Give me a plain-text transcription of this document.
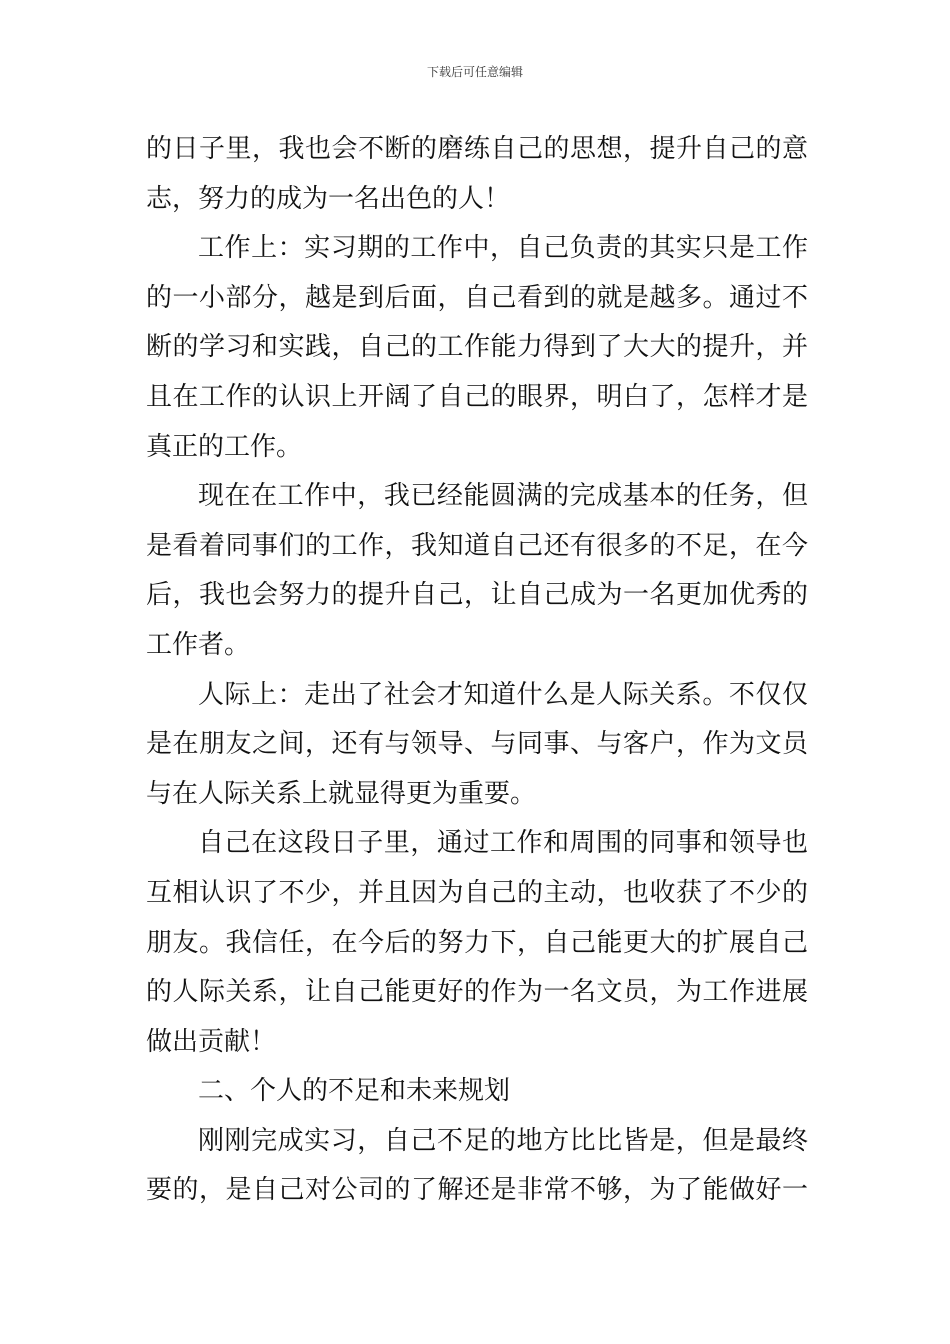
下载后可任意编辑
的日子里，我也会不断的磨练自己的思想，提升自己的意
志，努力的成为一名出色的人！
工作上：实习期的工作中，自己负责的其实只是工作
的一小部分，越是到后面，自己看到的就是越多。通过不
断的学习和实践，自己的工作能力得到了大大的提升，并
且在工作的认识上开阔了自己的眼界，明白了，怎样才是
真正的工作。
现在在工作中，我已经能圆满的完成基本的任务，但
是看着同事们的工作，我知道自己还有很多的不足，在今
后，我也会努力的提升自己，让自己成为一名更加优秀的
工作者。
人际上：走出了社会才知道什么是人际关系。不仅仅
是在朋友之间，还有与领导、与同事、与客户，作为文员
与在人际关系上就显得更为重要。
自己在这段日子里，通过工作和周围的同事和领导也
互相认识了不少，并且因为自己的主动，也收获了不少的
朋友。我信任，在今后的努力下，自己能更大的扩展自己
的人际关系，让自己能更好的作为一名文员，为工作进展
做出贡献！
二、个人的不足和未来规划
刚刚完成实习，自己不足的地方比比皆是，但是最终
要的，是自己对公司的了解还是非常不够，为了能做好一
